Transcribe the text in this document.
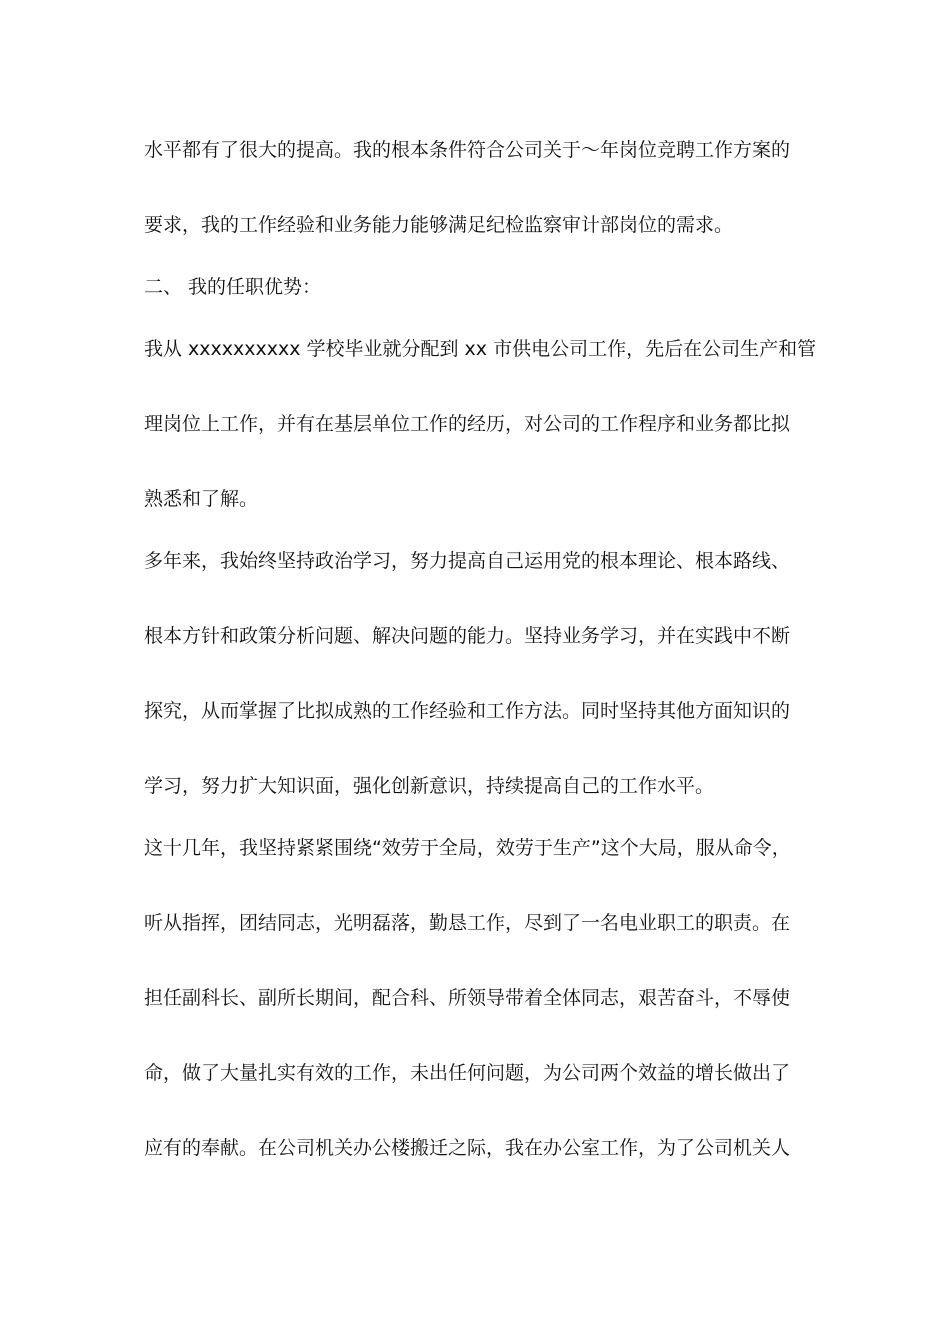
水平都有了很大的提高。我的根本条件符合公司关于～年岗位竞聘工作方案的
要求，我的工作经验和业务能力能够满足纪检监察审计部岗位的需求。
二、 我的任职优势：
我从 xxxxxxxxxx 学校毕业就分配到 xx 市供电公司工作，先后在公司生产和管
理岗位上工作，并有在基层单位工作的经历，对公司的工作程序和业务都比拟
熟悉和了解。
多年来，我始终坚持政治学习，努力提高自己运用党的根本理论、根本路线、
根本方针和政策分析问题、解决问题的能力。坚持业务学习，并在实践中不断
探究，从而掌握了比拟成熟的工作经验和工作方法。同时坚持其他方面知识的
学习，努力扩大知识面，强化创新意识，持续提高自己的工作水平。
这十几年，我坚持紧紧围绕“效劳于全局，效劳于生产”这个大局，服从命令，
听从指挥，团结同志，光明磊落，勤恳工作，尽到了一名电业职工的职责。在
担任副科长、副所长期间，配合科、所领导带着全体同志，艰苦奋斗，不辱使
命，做了大量扎实有效的工作，未出任何问题，为公司两个效益的增长做出了
应有的奉献。在公司机关办公楼搬迁之际，我在办公室工作，为了公司机关人
